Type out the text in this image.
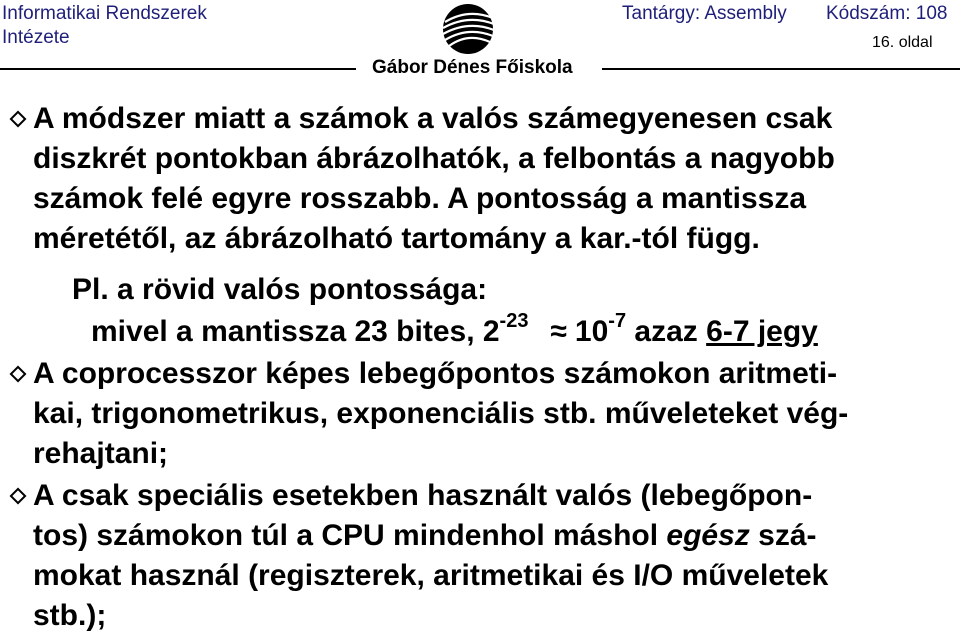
Informatikai Rendszerek
Intézete
Tantárgy: Assembly Kódszám: 108
16. oldal
Gábor Dénes Főiskola
A módszer miatt a számok a valós számegyenesen csak
diszkrét pontokban ábrázolhatók, a felbontás a nagyobb
számok felé egyre rosszabb. A pontosság a mantissza
méretétől, az ábrázolható tartomány a kar.-tól függ.
Pl. a rövid valós pontossága:
mivel a mantissza 23 bites, $2^{-23} \approx 10^{-7}$ azaz 6-7 jegy
A coprocesszor képes lebegőpontos számokon aritmeti-
kai, trigonometrikus, exponenciális stb. műveleteket vég-
rehajtani;
A csak speciális esetekben használt valós (lebegőpon-
tos) számokon túl a CPU mindenhol máshol egész szá-
mokat használ (regiszterek, aritmetikai és I/O műveletek
stb.);
